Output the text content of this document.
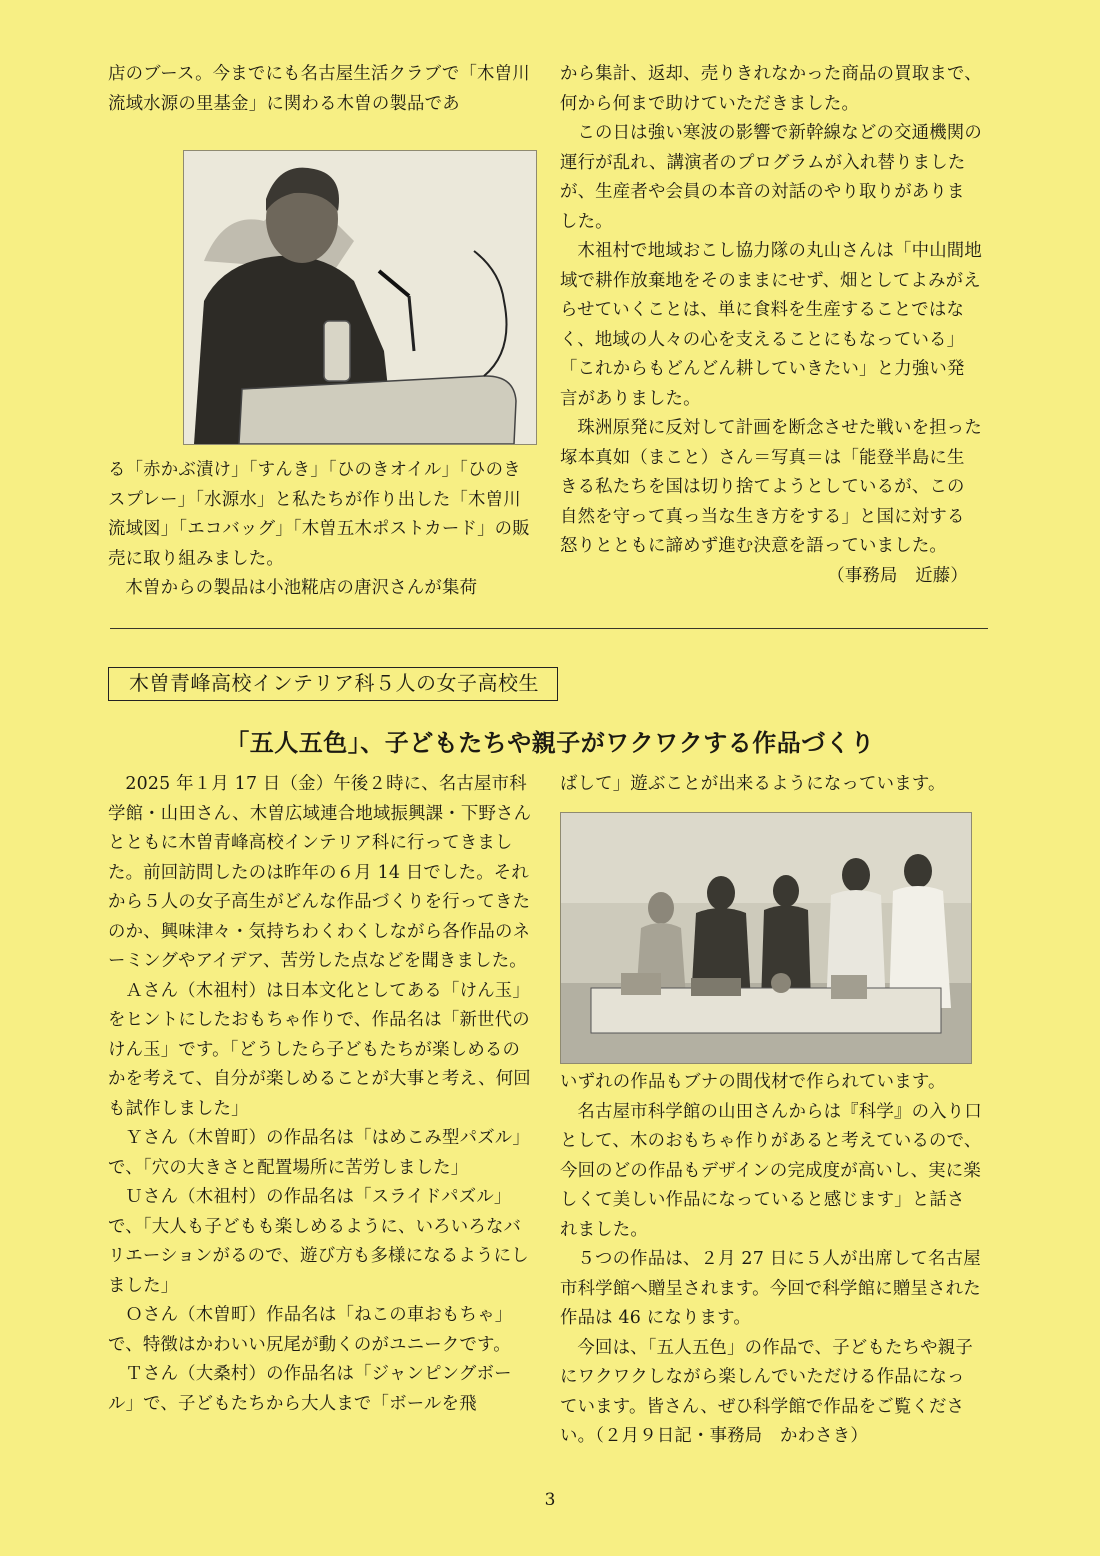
店のブース。今までにも名古屋生活クラブで「木曽川流域水源の里基金」に関わる木曽の製品であ

る「赤かぶ漬け」「すんき」「ひのきオイル」「ひのきスプレー」「水源水」と私たちが作り出した「木曽川流域図」「エコバッグ」「木曽五木ポストカード」の販売に取り組みました。

木曽からの製品は小池糀店の唐沢さんが集荷

から集計、返却、売りきれなかった商品の買取まで、何から何まで助けていただきました。

この日は強い寒波の影響で新幹線などの交通機関の運行が乱れ、講演者のプログラムが入れ替りましたが、生産者や会員の本音の対話のやり取りがありました。

木祖村で地域おこし協力隊の丸山さんは「中山間地域で耕作放棄地をそのままにせず、畑としてよみがえらせていくことは、単に食料を生産することではなく、地域の人々の心を支えることにもなっている」「これからもどんどん耕していきたい」と力強い発言がありました。

珠洲原発に反対して計画を断念させた戦いを担った塚本真如（まこと）さん＝写真＝は「能登半島に生きる私たちを国は切り捨てようとしているが、この自然を守って真っ当な生き方をする」と国に対する怒りとともに諦めず進む決意を語っていました。

（事務局　近藤）

木曽青峰高校インテリア科５人の女子高校生
「五人五色」、子どもたちや親子がワクワクする作品づくり

2025 年１月 17 日（金）午後２時に、名古屋市科学館・山田さん、木曽広域連合地域振興課・下野さんとともに木曽青峰高校インテリア科に行ってきました。前回訪問したのは昨年の６月 14 日でした。それから５人の女子高生がどんな作品づくりを行ってきたのか、興味津々・気持ちわくわくしながら各作品のネーミングやアイデア、苦労した点などを聞きました。

Ａさん（木祖村）は日本文化としてある「けん玉」をヒントにしたおもちゃ作りで、作品名は「新世代のけん玉」です。「どうしたら子どもたちが楽しめるのかを考えて、自分が楽しめることが大事と考え、何回も試作しました」

Ｙさん（木曽町）の作品名は「はめこみ型パズル」で、「穴の大きさと配置場所に苦労しました」

Ｕさん（木祖村）の作品名は「スライドパズル」で、「大人も子どもも楽しめるように、いろいろなバリエーションがるので、遊び方も多様になるようにしました」

Ｏさん（木曽町）作品名は「ねこの車おもちゃ」で、特徴はかわいい尻尾が動くのがユニークです。

Ｔさん（大桑村）の作品名は「ジャンピングボール」で、子どもたちから大人まで「ボールを飛

ばして」遊ぶことが出来るようになっています。

いずれの作品もブナの間伐材で作られています。

名古屋市科学館の山田さんからは『科学』の入り口として、木のおもちゃ作りがあると考えているので、今回のどの作品もデザインの完成度が高いし、実に楽しくて美しい作品になっていると感じます」と話されました。

５つの作品は、２月 27 日に５人が出席して名古屋市科学館へ贈呈されます。今回で科学館に贈呈された作品は 46 になります。

今回は、「五人五色」の作品で、子どもたちや親子にワクワクしながら楽しんでいただける作品になっています。皆さん、ぜひ科学館で作品をご覧ください。（２月９日記・事務局　かわさき）

3
